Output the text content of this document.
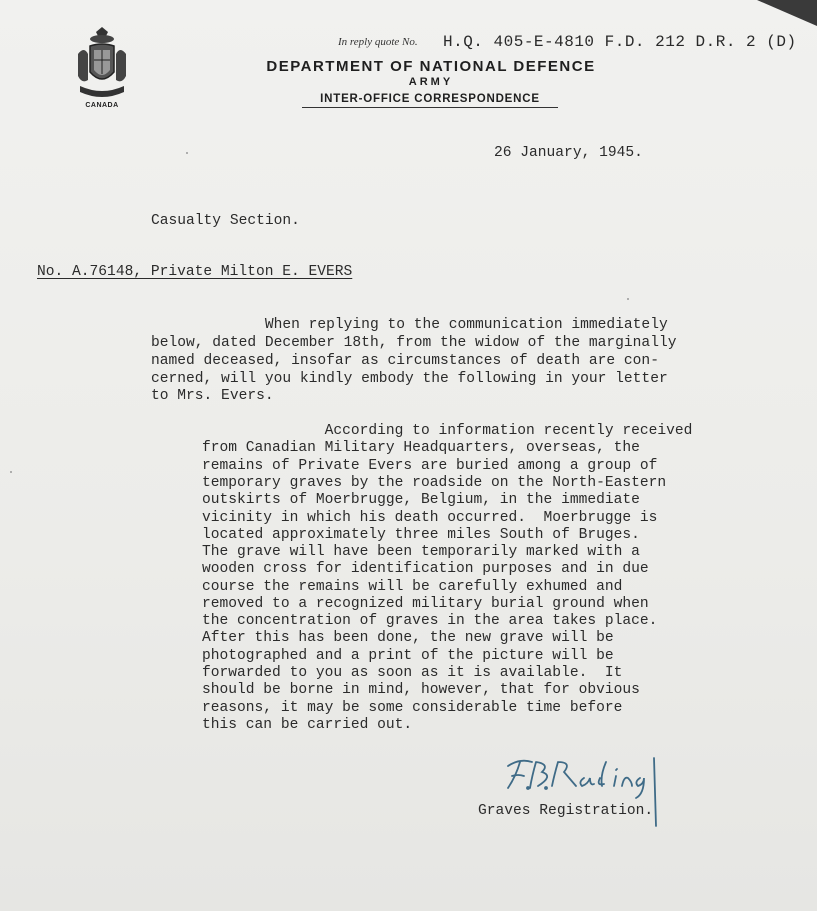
CANADA
In reply quote No. H.Q. 405-E-4810 F.D. 212 D.R. 2 (D)
DEPARTMENT OF NATIONAL DEFENCE
ARMY
INTER-OFFICE CORRESPONDENCE
26 January, 1945.
Casualty Section.
No. A.76148, Private Milton E. EVERS
When replying to the communication immediately
below, dated December 18th, from the widow of the marginally
named deceased, insofar as circumstances of death are con-
cerned, will you kindly embody the following in your letter
to Mrs. Evers.
According to information recently received
from Canadian Military Headquarters, overseas, the
remains of Private Evers are buried among a group of
temporary graves by the roadside on the North-Eastern
outskirts of Moerbrugge, Belgium, in the immediate
vicinity in which his death occurred.  Moerbrugge is
located approximately three miles South of Bruges.
The grave will have been temporarily marked with a
wooden cross for identification purposes and in due
course the remains will be carefully exhumed and
removed to a recognized military burial ground when
the concentration of graves in the area takes place.
After this has been done, the new grave will be
photographed and a print of the picture will be
forwarded to you as soon as it is available.  It
should be borne in mind, however, that for obvious
reasons, it may be some considerable time before
this can be carried out.
Graves Registration.
